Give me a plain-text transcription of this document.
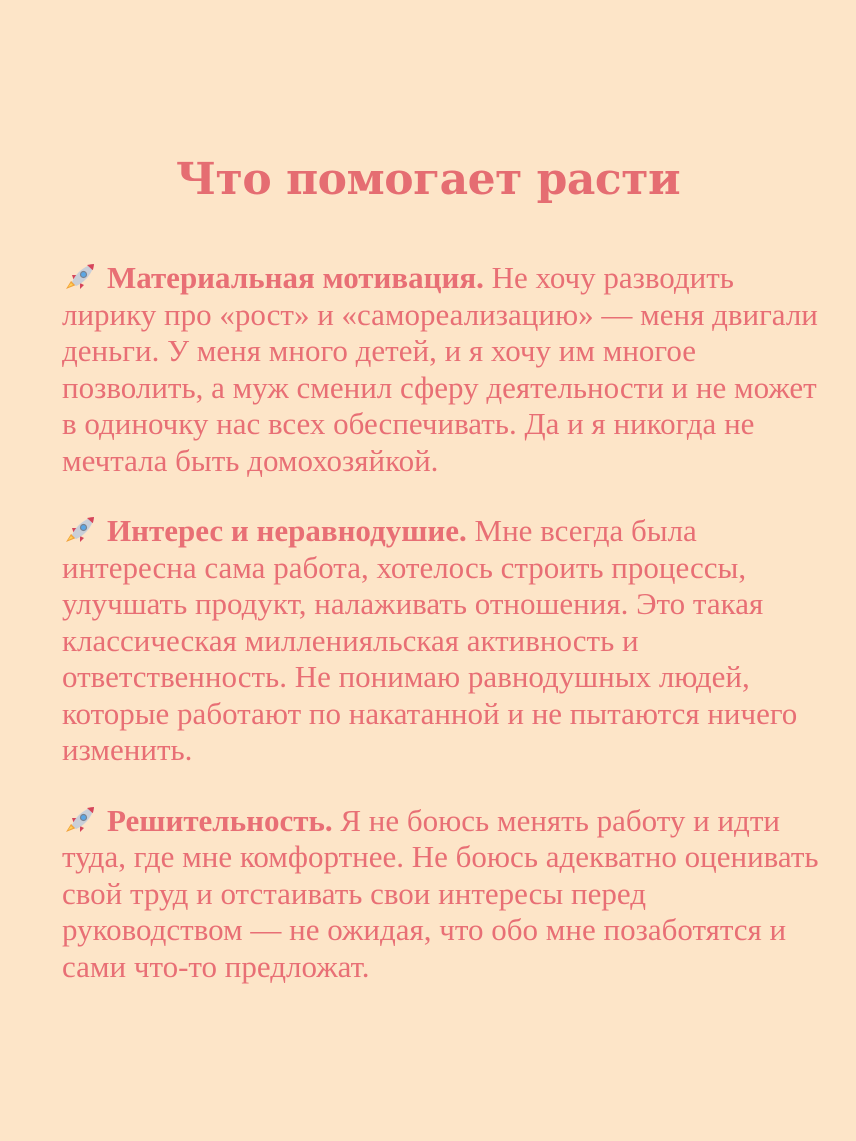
Что помогает расти

Материальная мотивация. Не хочу разводить лирику про «рост» и «самореализацию» — меня двигали деньги. У меня много детей, и я хочу им многое позволить, а муж сменил сферу деятельности и не может в одиночку нас всех обеспечивать. Да и я никогда не мечтала быть домохозяйкой.

Интерес и неравнодушие. Мне всегда была интересна сама работа, хотелось строить процессы, улучшать продукт, налаживать отношения. Это такая классическая милленияльская активность и ответственность. Не понимаю равнодушных людей, которые работают по накатанной и не пытаются ничего изменить.

Решительность. Я не боюсь менять работу и идти туда, где мне комфортнее. Не боюсь адекватно оценивать свой труд и отстаивать свои интересы перед руководством — не ожидая, что обо мне позаботятся и сами что-то предложат.
